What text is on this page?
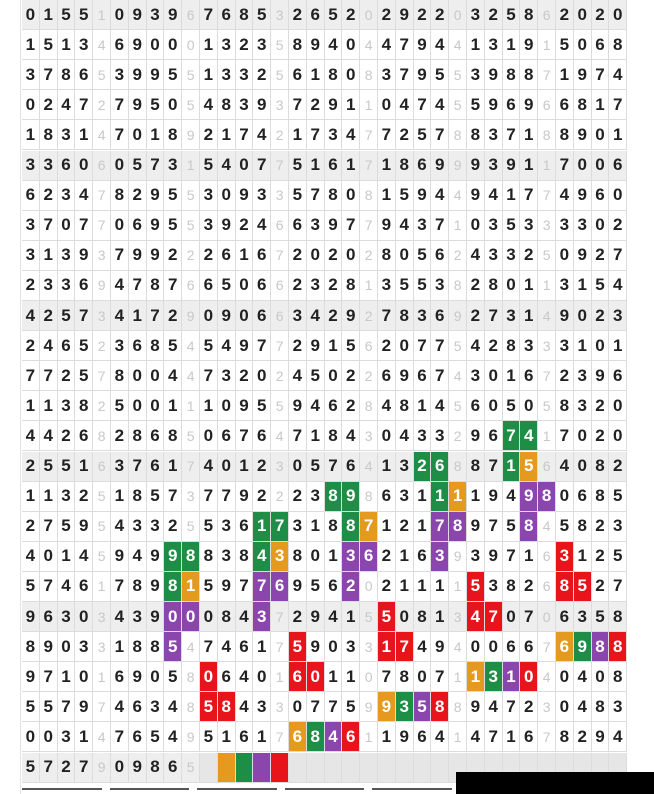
0 1 5 5 1 0 9 3 9 6 7 6 8 5 3 2 6 5 2 0 2 9 2 2 0 3 2 5 8 6 2 0 2 0
1 5 1 3 4 6 9 0 0 0 1 3 2 3 5 8 9 4 0 4 4 7 9 4 4 1 3 1 9 1 5 0 6 8
3 7 8 6 5 3 9 9 5 5 1 3 3 2 5 6 1 8 0 8 3 7 9 5 5 3 9 8 8 7 1 9 7 4
0 2 4 7 2 7 9 5 0 5 4 8 3 9 3 7 2 9 1 1 0 4 7 4 5 5 9 6 9 6 6 8 1 7
1 8 3 1 4 7 0 1 8 9 2 1 7 4 2 1 7 3 4 7 7 2 5 7 8 8 3 7 1 8 8 9 0 1
3 3 6 0 6 0 5 7 3 1 5 4 0 7 7 5 1 6 1 7 1 8 6 9 9 9 3 9 1 1 7 0 0 6
6 2 3 4 7 8 2 9 5 5 3 0 9 3 3 5 7 8 0 8 1 5 9 4 4 9 4 1 7 7 4 9 6 0
3 7 0 7 7 0 6 9 5 5 3 9 2 4 6 6 3 9 7 7 9 4 3 7 1 0 3 5 3 3 3 3 0 2
3 1 3 9 3 7 9 9 2 2 2 6 1 6 7 2 0 2 0 2 8 0 5 6 2 4 3 3 2 5 0 9 2 7
2 3 3 6 9 4 7 8 7 6 6 5 0 6 6 2 3 2 8 1 3 5 5 3 8 2 8 0 1 1 3 1 5 4
4 2 5 7 3 4 1 7 2 9 0 9 0 6 6 3 4 2 9 2 7 8 3 6 9 2 7 3 1 4 9 0 2 3
2 4 6 5 2 3 6 8 5 4 5 4 9 7 7 2 9 1 5 6 2 0 7 7 5 4 2 8 3 3 3 1 0 1
7 7 2 5 7 8 0 0 4 4 7 3 2 0 2 4 5 0 2 2 6 9 6 7 4 3 0 1 6 7 2 3 9 6
1 1 3 8 2 5 0 0 1 1 1 0 9 5 5 9 4 6 2 8 4 8 1 4 5 6 0 5 0 5 8 3 2 0
4 4 2 6 8 2 8 6 8 5 0 6 7 6 4 7 1 8 4 3 0 4 3 3 2 9 6 7 4 1 7 0 2 0
2 5 5 1 6 3 7 6 1 7 4 0 1 2 3 0 5 7 6 4 1 3 2 6 8 8 7 1 5 6 4 0 8 2
1 1 3 2 5 1 8 5 7 3 7 7 9 2 2 2 3 8 9 8 6 3 1 1 1 1 9 4 9 8 0 6 8 5
2 7 5 9 5 4 3 3 2 5 5 3 6 1 7 3 1 8 8 7 1 2 1 7 8 9 7 5 8 4 5 8 2 3
4 0 1 4 5 9 4 9 9 8 8 3 8 4 3 8 0 1 3 6 2 1 6 3 9 3 9 7 1 6 3 1 2 5
5 7 4 6 1 7 8 9 8 1 5 9 7 7 6 9 5 6 2 0 2 1 1 1 1 5 3 8 2 6 8 5 2 7
9 6 3 0 3 4 3 9 0 0 0 8 4 3 7 2 9 4 1 5 5 0 8 1 3 4 7 0 7 0 6 3 5 8
8 9 0 3 3 1 8 8 5 4 7 4 6 1 7 5 9 0 3 3 1 7 4 9 4 0 0 6 6 7 6 9 8 8
9 7 1 0 1 6 9 0 5 8 0 6 4 0 1 6 0 1 1 0 7 8 0 7 1 1 3 1 0 4 0 4 0 8
5 5 7 9 7 4 6 3 4 8 5 8 4 3 3 0 7 7 5 9 9 3 5 8 8 9 4 7 2 3 0 4 8 3
0 0 3 1 4 7 6 5 4 9 5 1 6 1 7 6 8 4 6 1 1 9 6 4 1 4 7 1 6 7 8 2 9 4
5 7 2 7 9 0 9 8 6 5
